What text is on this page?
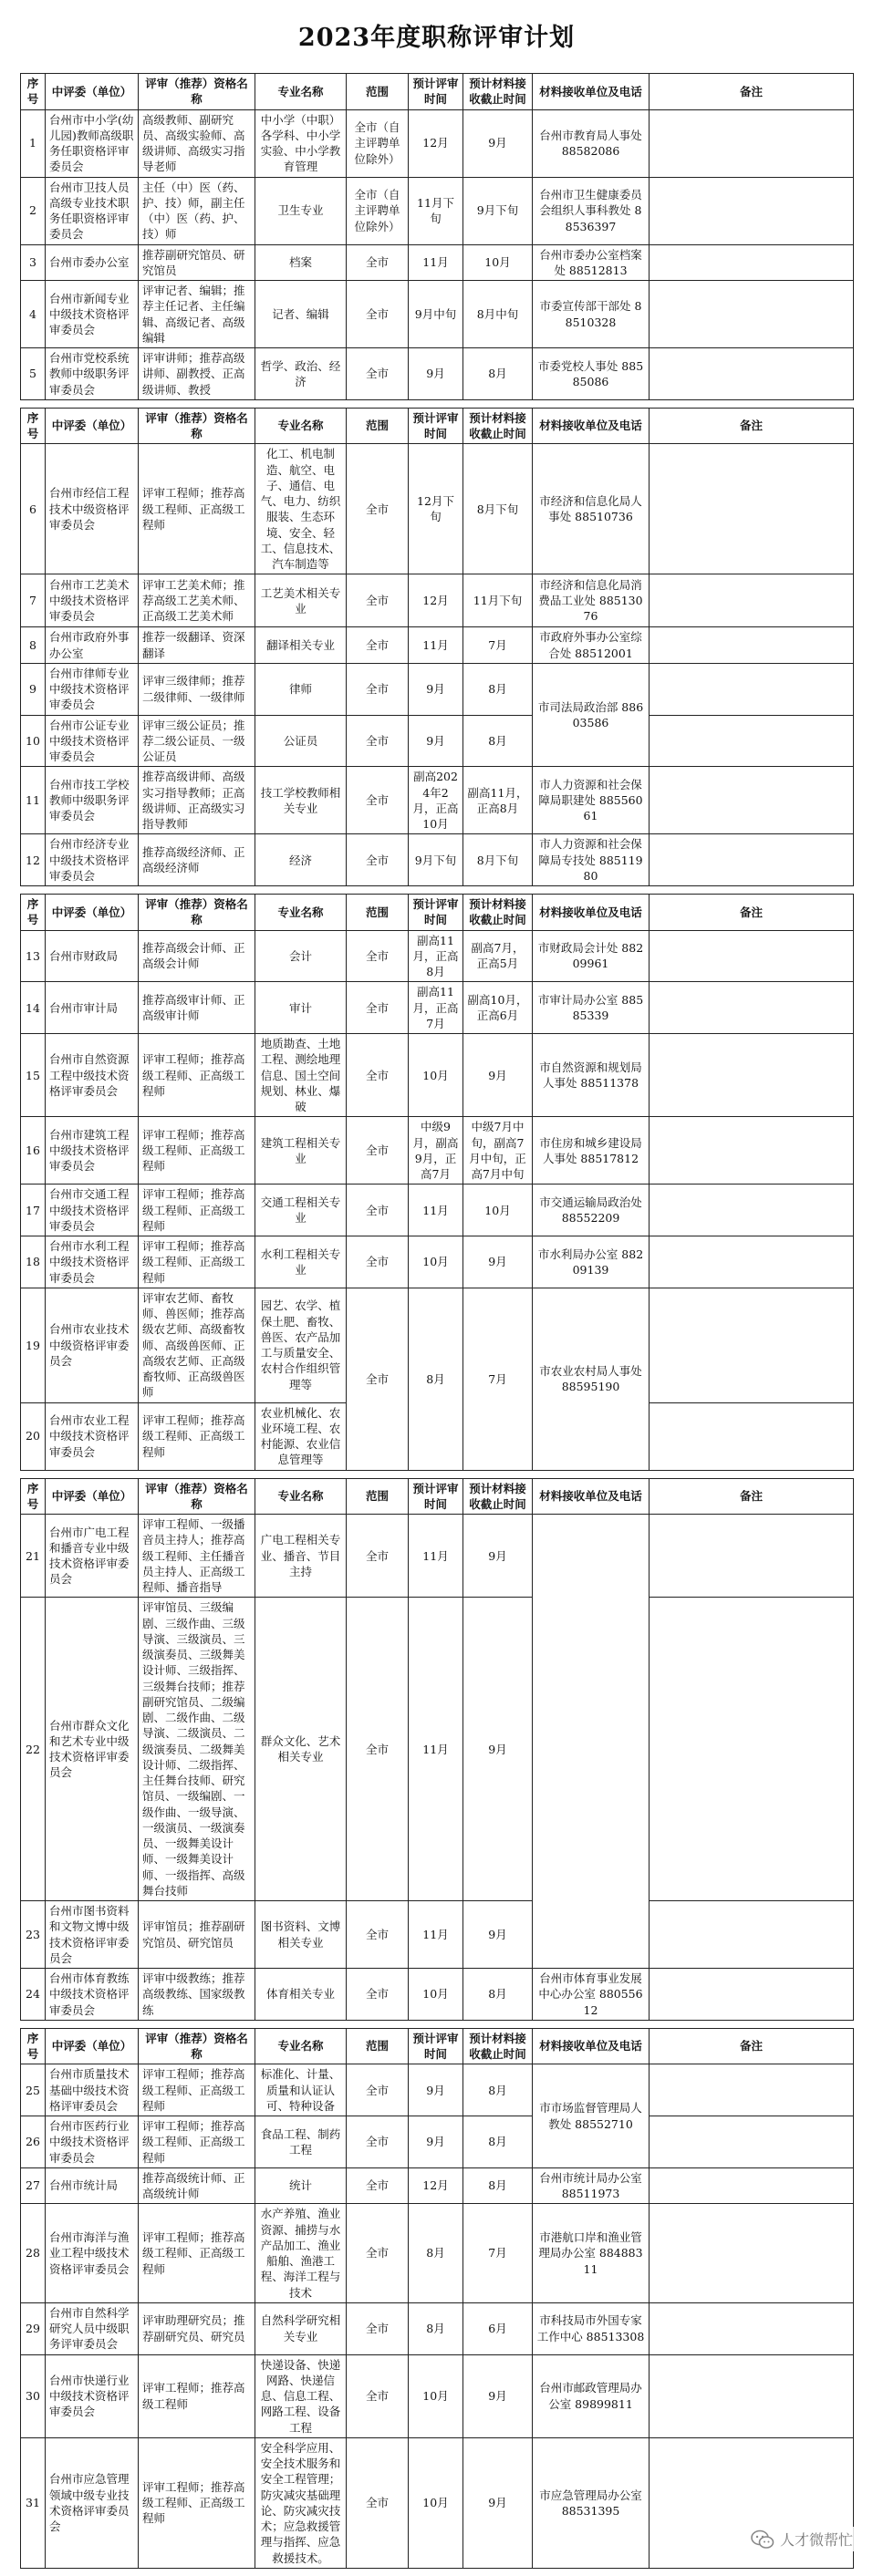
2023年度职称评审计划
序号	中评委（单位）	评审（推荐）资格名称	专业名称	范围	预计评审时间	预计材料接收截止时间	材料接收单位及电话	备注
1	台州市中小学(幼儿园)教师高级职务任职资格评审委员会	高级教师、副研究员、高级实验师、高级讲师、高级实习指导老师	中小学（中职）各学科、中小学实验、中小学教育管理	全市（自主评聘单位除外）	12月	9月	台州市教育局人事处 88582086	
2	台州市卫技人员高级专业技术职务任职资格评审委员会	主任（中）医（药、护、技）师，副主任（中）医（药、护、技）师	卫生专业	全市（自主评聘单位除外）	11月下旬	9月下旬	台州市卫生健康委员会组织人事科教处 88536397	
3	台州市委办公室	推荐副研究馆员、研究馆员	档案	全市	11月	10月	台州市委办公室档案处 88512813	
4	台州市新闻专业中级技术资格评审委员会	评审记者、编辑；推荐主任记者、主任编辑、高级记者、高级编辑	记者、编辑	全市	9月中旬	8月中旬	市委宣传部干部处 88510328	
5	台州市党校系统教师中级职务评审委员会	评审讲师；推荐高级讲师、副教授、正高级讲师、教授	哲学、政治、经济	全市	9月	8月	市委党校人事处 88585086	
序号	中评委（单位）	评审（推荐）资格名称	专业名称	范围	预计评审时间	预计材料接收截止时间	材料接收单位及电话	备注
6	台州市经信工程技术中级资格评审委员会	评审工程师；推荐高级工程师、正高级工程师	化工、机电制造、航空、电子、通信、电气、电力、纺织服装、生态环境、安全、轻工、信息技术、汽车制造等	全市	12月下旬	8月下旬	市经济和信息化局人事处 88510736	
7	台州市工艺美术中级技术资格评审委员会	评审工艺美术师；推荐高级工艺美术师、正高级工艺美术师	工艺美术相关专业	全市	12月	11月下旬	市经济和信息化局消费品工业处 88513076	
8	台州市政府外事办公室	推荐一级翻译、资深翻译	翻译相关专业	全市	11月	7月	市政府外事办公室综合处 88512001	
9	台州市律师专业中级技术资格评审委员会	评审三级律师；推荐二级律师、一级律师	律师	全市	9月	8月	市司法局政治部 88603586	
10	台州市公证专业中级技术资格评审委员会	评审三级公证员；推荐二级公证员、一级公证员	公证员	全市	9月	8月		
11	台州市技工学校教师中级职务评审委员会	推荐高级讲师、高级实习指导教师；正高级讲师、正高级实习指导教师	技工学校教师相关专业	全市	副高2024年2月，正高10月	副高11月，正高8月	市人力资源和社会保障局职建处 88556061	
12	台州市经济专业中级技术资格评审委员会	推荐高级经济师、正高级经济师	经济	全市	9月下旬	8月下旬	市人力资源和社会保障局专技处 88511980	
序号	中评委（单位）	评审（推荐）资格名称	专业名称	范围	预计评审时间	预计材料接收截止时间	材料接收单位及电话	备注
13	台州市财政局	推荐高级会计师、正高级会计师	会计	全市	副高11月，正高8月	副高7月，正高5月	市财政局会计处 88209961	
14	台州市审计局	推荐高级审计师、正高级审计师	审计	全市	副高11月，正高7月	副高10月，正高6月	市审计局办公室 88585339	
15	台州市自然资源工程中级技术资格评审委员会	评审工程师；推荐高级工程师、正高级工程师	地质勘查、土地工程、测绘地理信息、国土空间规划、林业、爆破	全市	10月	9月	市自然资源和规划局人事处 88511378	
16	台州市建筑工程中级技术资格评审委员会	评审工程师；推荐高级工程师、正高级工程师	建筑工程相关专业	全市	中级9月，副高9月，正高7月	中级7月中旬，副高7月中旬，正高7月中旬	市住房和城乡建设局人事处 88517812	
17	台州市交通工程中级技术资格评审委员会	评审工程师；推荐高级工程师、正高级工程师	交通工程相关专业	全市	11月	10月	市交通运输局政治处 88552209	
18	台州市水利工程中级技术资格评审委员会	评审工程师；推荐高级工程师、正高级工程师	水利工程相关专业	全市	10月	9月	市水利局办公室 88209139	
19	台州市农业技术中级资格评审委员会	评审农艺师、畜牧师、兽医师；推荐高级农艺师、高级畜牧师、高级兽医师、正高级农艺师、正高级畜牧师、正高级兽医师	园艺、农学、植保土肥、畜牧、兽医、农产品加工与质量安全、农村合作组织管理等	全市	8月	7月	市农业农村局人事处 88595190	
20	台州市农业工程中级技术资格评审委员会	评审工程师；推荐高级工程师、正高级工程师	农业机械化、农业环境工程、农村能源、农业信息管理等					
序号	中评委（单位）	评审（推荐）资格名称	专业名称	范围	预计评审时间	预计材料接收截止时间	材料接收单位及电话	备注
21	台州市广电工程和播音专业中级技术资格评审委员会	评审工程师、一级播音员主持人；推荐高级工程师、主任播音员主持人、正高级工程师、播音指导	广电工程相关专业、播音、节目主持	全市	11月	9月		
22	台州市群众文化和艺术专业中级技术资格评审委员会	评审馆员、三级编剧、三级作曲、三级导演、三级演员、三级演奏员、三级舞美设计师、三级指挥、三级舞台技师；推荐副研究馆员、二级编剧、二级作曲、二级导演、二级演员、二级演奏员、二级舞美设计师、二级指挥、主任舞台技师、研究馆员、一级编剧、一级作曲、一级导演、一级演员、一级演奏员、一级舞美设计师、一级舞美设计师、一级指挥、高级舞台技师	群众文化、艺术相关专业	全市	11月	9月		
23	台州市图书资料和文物文博中级技术资格评审委员会	评审馆员；推荐副研究馆员、研究馆员	图书资料、文博相关专业	全市	11月	9月		
24	台州市体育教练中级技术资格评审委员会	评审中级教练；推荐高级教练、国家级教练	体育相关专业	全市	10月	8月	台州市体育事业发展中心办公室 88055612	
序号	中评委（单位）	评审（推荐）资格名称	专业名称	范围	预计评审时间	预计材料接收截止时间	材料接收单位及电话	备注
25	台州市质量技术基础中级技术资格评审委员会	评审工程师；推荐高级工程师、正高级工程师	标准化、计量、质量和认证认可、特种设备	全市	9月	8月	市市场监督管理局人教处 88552710	
26	台州市医药行业中级技术资格评审委员会	评审工程师；推荐高级工程师、正高级工程师	食品工程、制药工程	全市	9月	8月		
27	台州市统计局	推荐高级统计师、正高级统计师	统计	全市	12月	8月	台州市统计局办公室 88511973	
28	台州市海洋与渔业工程中级技术资格评审委员会	评审工程师；推荐高级工程师、正高级工程师	水产养殖、渔业资源、捕捞与水产品加工、渔业船舶、渔港工程、海洋工程与技术	全市	8月	7月	市港航口岸和渔业管理局办公室 88488311	
29	台州市自然科学研究人员中级职务评审委员会	评审助理研究员；推荐副研究员、研究员	自然科学研究相关专业	全市	8月	6月	市科技局市外国专家工作中心 88513308	
30	台州市快递行业中级技术资格评审委员会	评审工程师；推荐高级工程师	快递设备、快递网路、快递信息、信息工程、网路工程、设备工程	全市	10月	9月	台州市邮政管理局办公室 89899811	
31	台州市应急管理领域中级专业技术资格评审委员会	评审工程师；推荐高级工程师、正高级工程师	安全科学应用、安全技术服务和安全工程管理；防灾减灾基础理论、防灾减灾技术；应急救援管理与指挥、应急救援技术。	全市	10月	9月	市应急管理局办公室 88531395	
人才微帮忙
